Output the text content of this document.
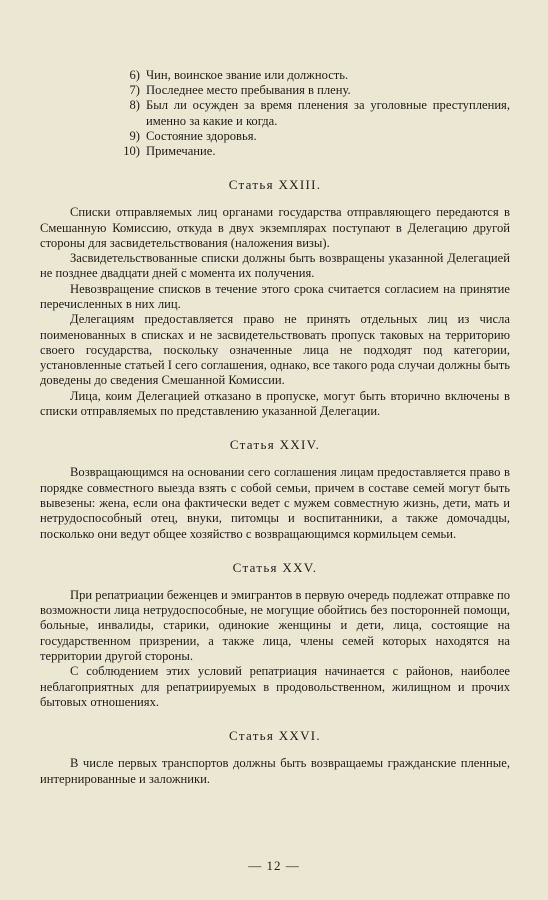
6) Чин, воинское звание или должность.
7) Последнее место пребывания в плену.
8) Был ли осужден за время пленения за уголовные преступления, именно за какие и когда.
9) Состояние здоровья.
10) Примечание.
Статья XXIII.

Списки отправляемых лиц органами государства отправляющего передаются в Смешанную Комиссию, откуда в двух экземплярах поступают в Делегацию другой стороны для засвидетельствования (наложения визы).

Засвидетельствованные списки должны быть возвращены указанной Делегацией не позднее двадцати дней с момента их получения.

Невозвращение списков в течение этого срока считается согласием на принятие перечисленных в них лиц.

Делегациям предоставляется право не принять отдельных лиц из числа поименованных в списках и не засвидетельствовать пропуск таковых на территорию своего государства, поскольку означенные лица не подходят под категории, установленные статьей I сего соглашения, однако, все такого рода случаи должны быть доведены до сведения Смешанной Комиссии.

Лица, коим Делегацией отказано в пропуске, могут быть вторично включены в списки отправляемых по представлению указанной Делегации.

Статья XXIV.

Возвращающимся на основании сего соглашения лицам предоставляется право в порядке совместного выезда взять с собой семьи, причем в составе семей могут быть вывезены: жена, если она фактически ведет с мужем совместную жизнь, дети, мать и нетрудоспособный отец, внуки, питомцы и воспитанники, а также домочадцы, посколько они ведут общее хозяйство с возвращающимся кормильцем семьи.

Статья XXV.

При репатриации беженцев и эмигрантов в первую очередь подлежат отправке по возможности лица нетрудоспособные, не могущие обойтись без посторонней помощи, больные, инвалиды, старики, одинокие женщины и дети, лица, состоящие на государственном призрении, а также лица, члены семей которых находятся на территории другой стороны.

С соблюдением этих условий репатриация начинается с районов, наиболее неблагоприятных для репатриируемых в продовольственном, жилищном и прочих бытовых отношениях.

Статья XXVI.

В числе первых транспортов должны быть возвращаемы гражданские пленные, интернированные и заложники.

— 12 —
